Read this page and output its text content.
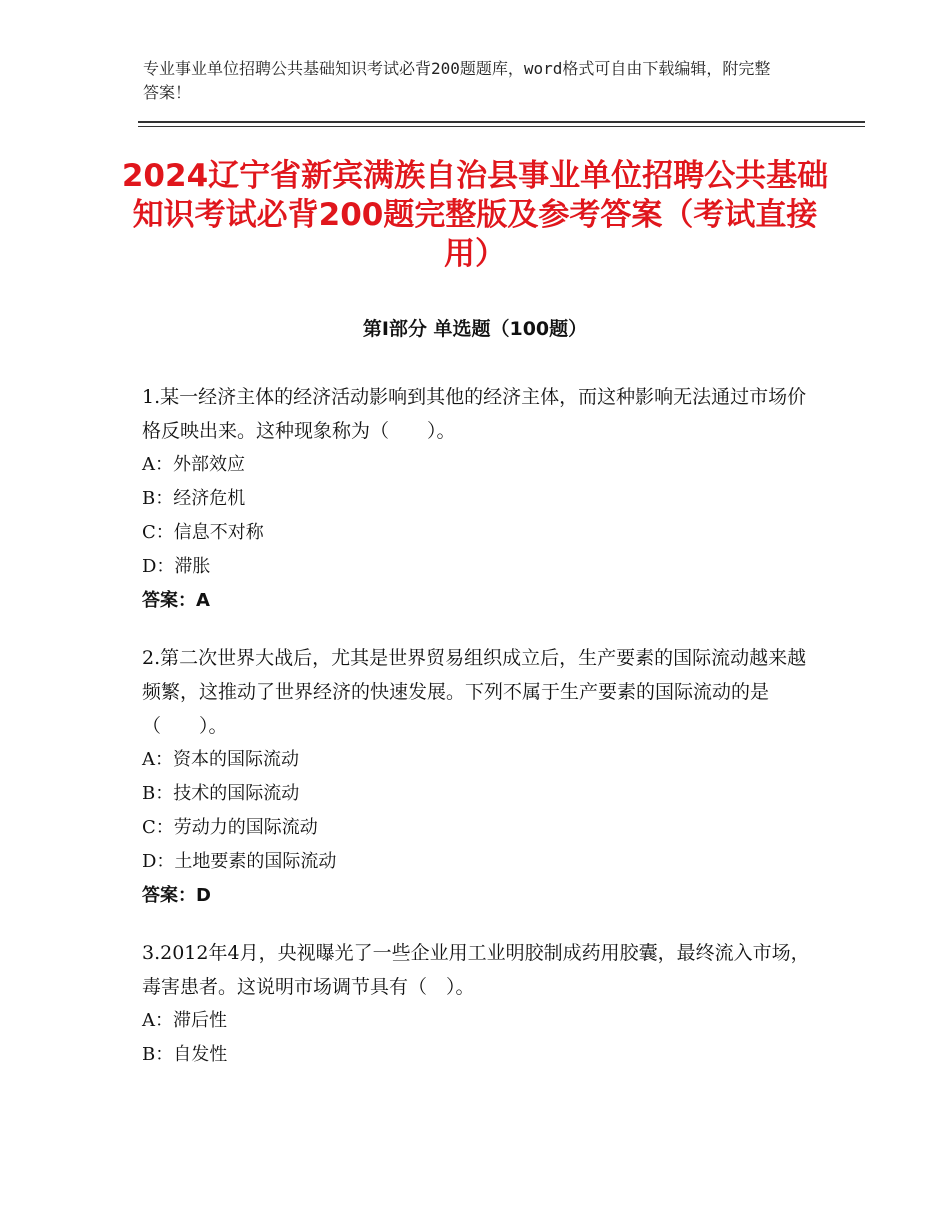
专业事业单位招聘公共基础知识考试必背200题题库，word格式可自由下载编辑，附完整答案！
2024辽宁省新宾满族自治县事业单位招聘公共基础知识考试必背200题完整版及参考答案（考试直接用）
第Ⅰ部分 单选题（100题）

1.某一经济主体的经济活动影响到其他的经济主体，而这种影响无法通过市场价格反映出来。这种现象称为（　　）。

A：外部效应

B：经济危机

C：信息不对称

D：滞胀

答案：A

2.第二次世界大战后，尤其是世界贸易组织成立后，生产要素的国际流动越来越频繁，这推动了世界经济的快速发展。下列不属于生产要素的国际流动的是（　　）。

A：资本的国际流动

B：技术的国际流动

C：劳动力的国际流动

D：土地要素的国际流动

答案：D

3.2012年4月，央视曝光了一些企业用工业明胶制成药用胶囊，最终流入市场，毒害患者。这说明市场调节具有（　）。

A：滞后性

B：自发性
